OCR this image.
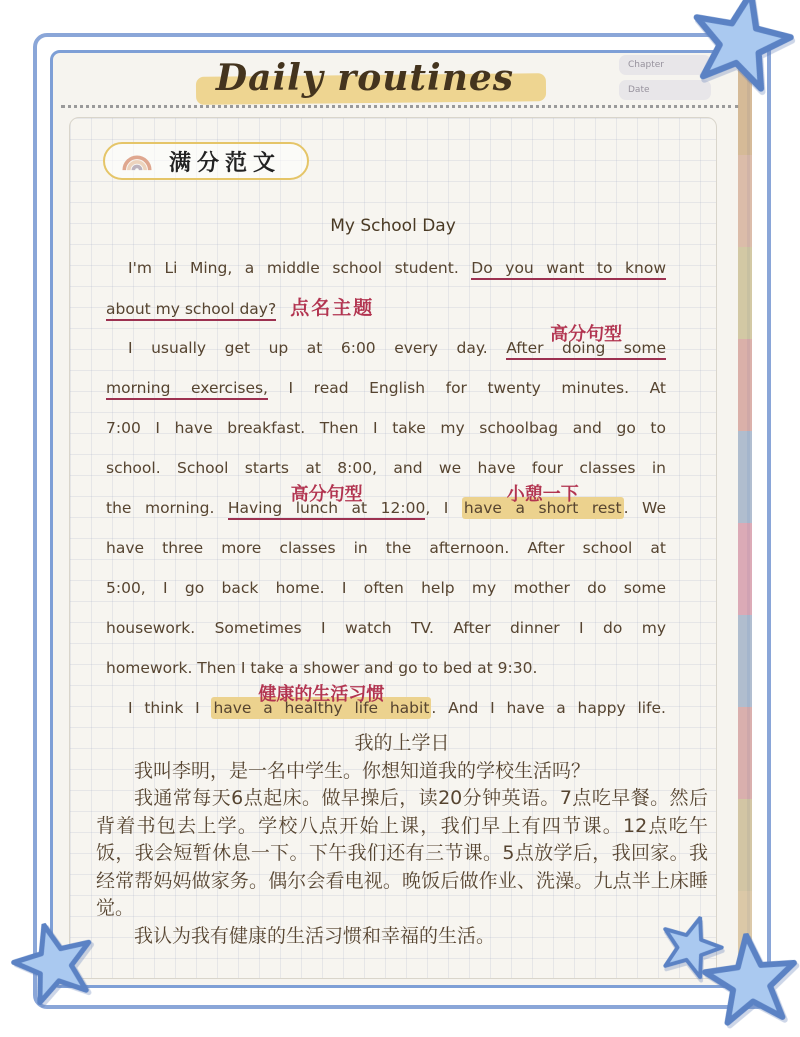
Daily routines	Chapter
Date
满分范文
My School Day
I'm Li Ming, a middle school student. Do you want to know
about my school day? 点名主题
I usually get up at 6:00 every day.
高分句型
After doing some
morning exercises, I read English for twenty minutes. At
7:00 I have breakfast. Then I take my schoolbag and go to
school. School starts at 8:00, and we have four classes in
the morning.
高分句型
Having lunch at 12:00, I
小憩一下
have a short rest . We
have three more classes in the afternoon. After school at
5:00, I go back home. I often help my mother do some
housework. Sometimes I watch TV. After dinner I do my
homework. Then I take a shower and go to bed at 9:30.
I think I
健康的生活习惯
have a healthy life habit . And I have a happy life.
我的上学日

我叫李明，是一名中学生。你想知道我的学校生活吗？

我通常每天6点起床。做早操后，读20分钟英语。7点吃早餐。然后背着书包去上学。学校八点开始上课，我们早上有四节课。12点吃午饭，我会短暂休息一下。下午我们还有三节课。5点放学后，我回家。我经常帮妈妈做家务。偶尔会看电视。晚饭后做作业、洗澡。九点半上床睡觉。

我认为我有健康的生活习惯和幸福的生活。
